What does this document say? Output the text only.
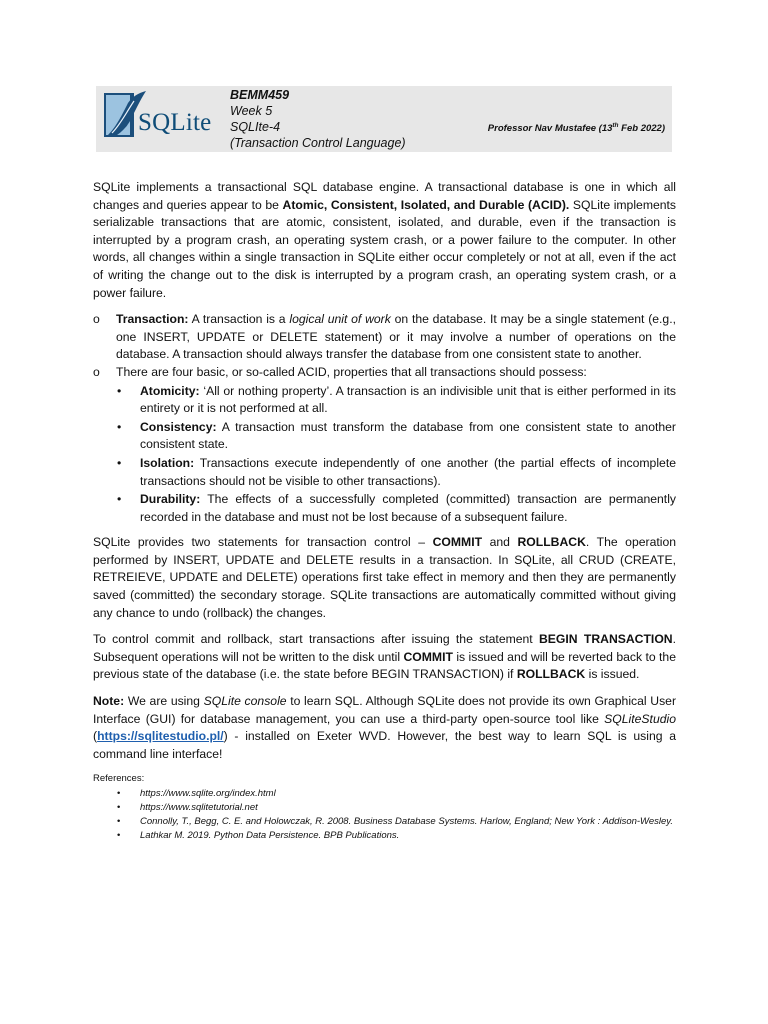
SQLite
BEMM459
Week 5
SQLIte-4
(Transaction Control Language)
Professor Nav Mustafee (13th Feb 2022)

SQLite implements a transactional SQL database engine. A transactional database is one in which all changes and queries appear to be Atomic, Consistent, Isolated, and Durable (ACID). SQLite implements serializable transactions that are atomic, consistent, isolated, and durable, even if the transaction is interrupted by a program crash, an operating system crash, or a power failure to the computer. In other words, all changes within a single transaction in SQLite either occur completely or not at all, even if the act of writing the change out to the disk is interrupted by a program crash, an operating system crash, or a power failure.

o Transaction: A transaction is a logical unit of work on the database. It may be a single statement (e.g., one INSERT, UPDATE or DELETE statement) or it may involve a number of operations on the database. A transaction should always transfer the database from one consistent state to another.
o There are four basic, or so-called ACID, properties that all transactions should possess:
• Atomicity: ‘All or nothing property’. A transaction is an indivisible unit that is either performed in its entirety or it is not performed at all.
• Consistency: A transaction must transform the database from one consistent state to another consistent state.
• Isolation: Transactions execute independently of one another (the partial effects of incomplete transactions should not be visible to other transactions).
• Durability: The effects of a successfully completed (committed) transaction are permanently recorded in the database and must not be lost because of a subsequent failure.

SQLite provides two statements for transaction control – COMMIT and ROLLBACK. The operation performed by INSERT, UPDATE and DELETE results in a transaction. In SQLite, all CRUD (CREATE, RETREIEVE, UPDATE and DELETE) operations first take effect in memory and then they are permanently saved (committed) the secondary storage. SQLite transactions are automatically committed without giving any chance to undo (rollback) the changes.

To control commit and rollback, start transactions after issuing the statement BEGIN TRANSACTION. Subsequent operations will not be written to the disk until COMMIT is issued and will be reverted back to the previous state of the database (i.e. the state before BEGIN TRANSACTION) if ROLLBACK is issued.

Note: We are using SQLite console to learn SQL. Although SQLite does not provide its own Graphical User Interface (GUI) for database management, you can use a third-party open-source tool like SQLiteStudio (https://sqlitestudio.pl/) - installed on Exeter WVD. However, the best way to learn SQL is using a command line interface!

References:
• https://www.sqlite.org/index.html
• https://www.sqlitetutorial.net
• Connolly, T., Begg, C. E. and Holowczak, R. 2008. Business Database Systems. Harlow, England; New York : Addison-Wesley.
• Lathkar M. 2019. Python Data Persistence. BPB Publications.
